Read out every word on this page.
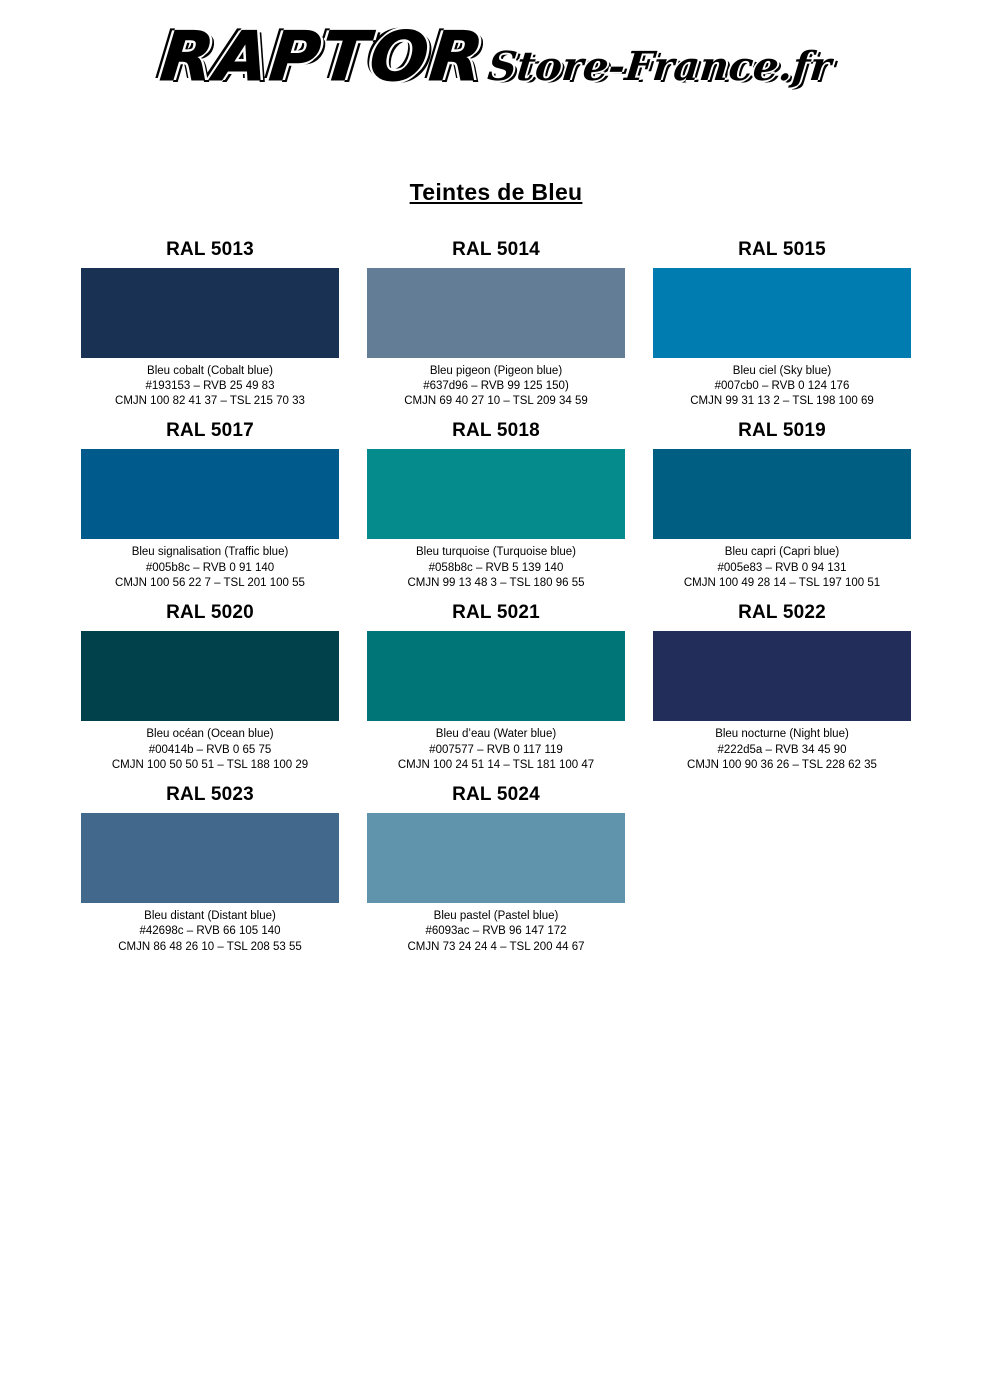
RAPTOR Store-France.fr
Teintes de Bleu
RAL 5013
Bleu cobalt (Cobalt blue)
#193153 – RVB 25 49 83
CMJN 100 82 41 37 – TSL 215 70 33
RAL 5014
Bleu pigeon (Pigeon blue)
#637d96 – RVB 99 125 150)
CMJN 69 40 27 10 – TSL 209 34 59
RAL 5015
Bleu ciel (Sky blue)
#007cb0 – RVB 0 124 176
CMJN 99 31 13 2 – TSL 198 100 69
RAL 5017
Bleu signalisation (Traffic blue)
#005b8c – RVB 0 91 140
CMJN 100 56 22 7 – TSL 201 100 55
RAL 5018
Bleu turquoise (Turquoise blue)
#058b8c – RVB 5 139 140
CMJN 99 13 48 3 – TSL 180 96 55
RAL 5019
Bleu capri (Capri blue)
#005e83 – RVB 0 94 131
CMJN 100 49 28 14 – TSL 197 100 51
RAL 5020
Bleu océan (Ocean blue)
#00414b – RVB 0 65 75
CMJN 100 50 50 51 – TSL 188 100 29
RAL 5021
Bleu d’eau (Water blue)
#007577 – RVB 0 117 119
CMJN 100 24 51 14 – TSL 181 100 47
RAL 5022
Bleu nocturne (Night blue)
#222d5a – RVB 34 45 90
CMJN 100 90 36 26 – TSL 228 62 35
RAL 5023
Bleu distant (Distant blue)
#42698c – RVB 66 105 140
CMJN 86 48 26 10 – TSL 208 53 55
RAL 5024
Bleu pastel (Pastel blue)
#6093ac – RVB 96 147 172
CMJN 73 24 24 4 – TSL 200 44 67
